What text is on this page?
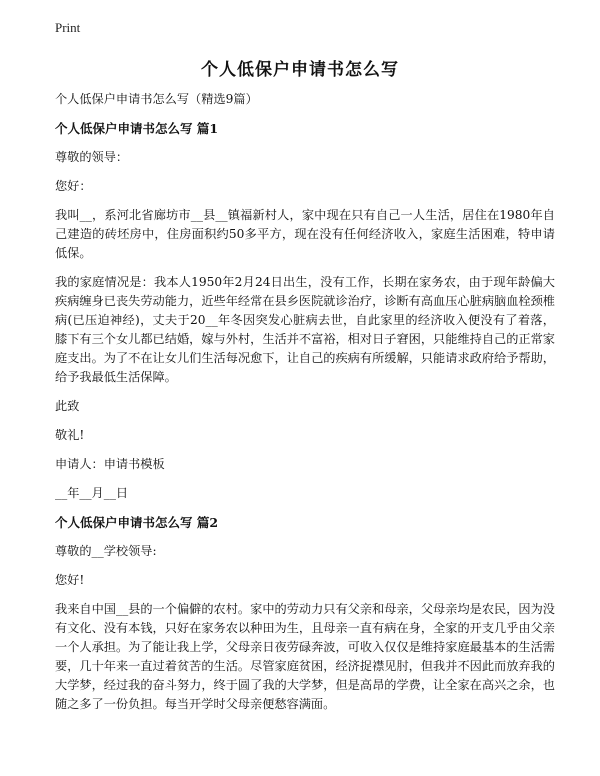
Print
个人低保户申请书怎么写

个人低保户申请书怎么写（精选9篇）

个人低保户申请书怎么写 篇1

尊敬的领导：

您好：

我叫__，系河北省廊坊市__县__镇福新村人，家中现在只有自己一人生活，居住在1980年自己建造的砖坯房中，住房面积约50多平方，现在没有任何经济收入，家庭生活困难，特申请低保。

我的家庭情况是：我本人1950年2月24日出生，没有工作，长期在家务农，由于现年龄偏大疾病缠身已丧失劳动能力，近些年经常在县乡医院就诊治疗，诊断有高血压心脏病脑血栓颈椎病(已压迫神经)，丈夫于20__年冬因突发心脏病去世，自此家里的经济收入便没有了着落，膝下有三个女儿都已结婚，嫁与外村，生活并不富裕，相对日子窘困，只能维持自己的正常家庭支出。为了不在让女儿们生活每况愈下，让自己的疾病有所缓解，只能请求政府给予帮助，给予我最低生活保障。

此致

敬礼!

申请人：申请书模板

__年__月__日

个人低保户申请书怎么写 篇2

尊敬的__学校领导:

您好!

我来自中国__县的一个偏僻的农村。家中的劳动力只有父亲和母亲，父母亲均是农民，因为没有文化、没有本钱，只好在家务农以种田为生，且母亲一直有病在身，全家的开支几乎由父亲一个人承担。为了能让我上学，父母亲日夜劳碌奔波，可收入仅仅是维持家庭最基本的生活需要，几十年来一直过着贫苦的生活。尽管家庭贫困，经济捉襟见肘，但我并不因此而放弃我的大学梦，经过我的奋斗努力，终于圆了我的大学梦，但是高昂的学费，让全家在高兴之余，也随之多了一份负担。每当开学时父母亲便愁容满面。
